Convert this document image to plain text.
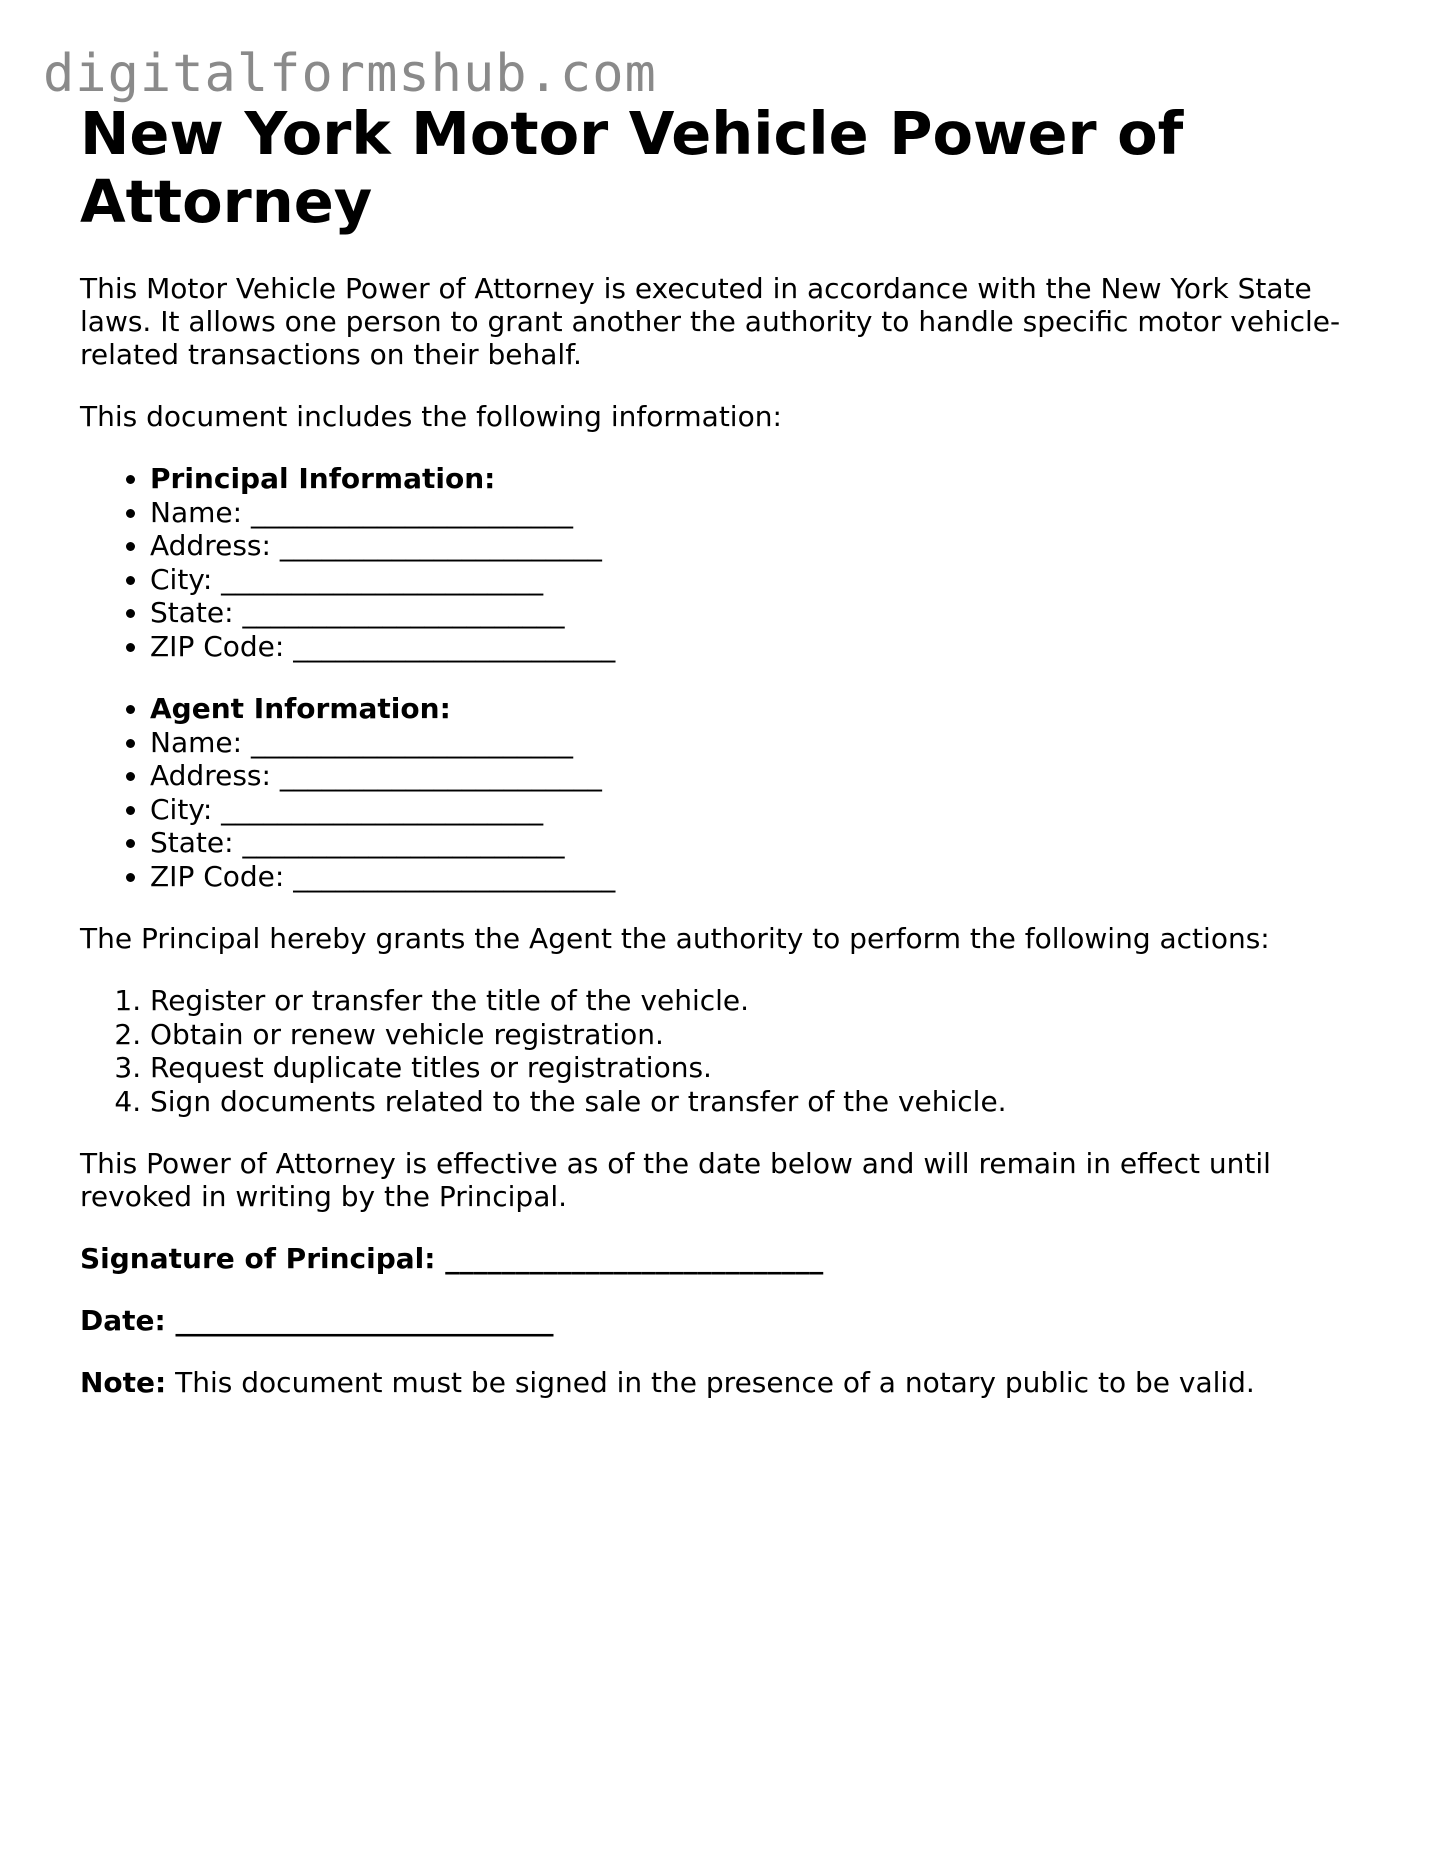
digitalformshub.com
New York Motor Vehicle Power of Attorney

This Motor Vehicle Power of Attorney is executed in accordance with the New York State laws. It allows one person to grant another the authority to handle specific motor vehicle-related transactions on their behalf.

This document includes the following information:

• Principal Information:
• Name: _______________________
• Address: _______________________
• City: _______________________
• State: _______________________
• ZIP Code: _______________________
• Agent Information:
• Name: _______________________
• Address: _______________________
• City: _______________________
• State: _______________________
• ZIP Code: _______________________

The Principal hereby grants the Agent the authority to perform the following actions:

1. Register or transfer the title of the vehicle.
2. Obtain or renew vehicle registration.
3. Request duplicate titles or registrations.
4. Sign documents related to the sale or transfer of the vehicle.

This Power of Attorney is effective as of the date below and will remain in effect until revoked in writing by the Principal.

Signature of Principal: ___________________________

Date: ___________________________

Note: This document must be signed in the presence of a notary public to be valid.
